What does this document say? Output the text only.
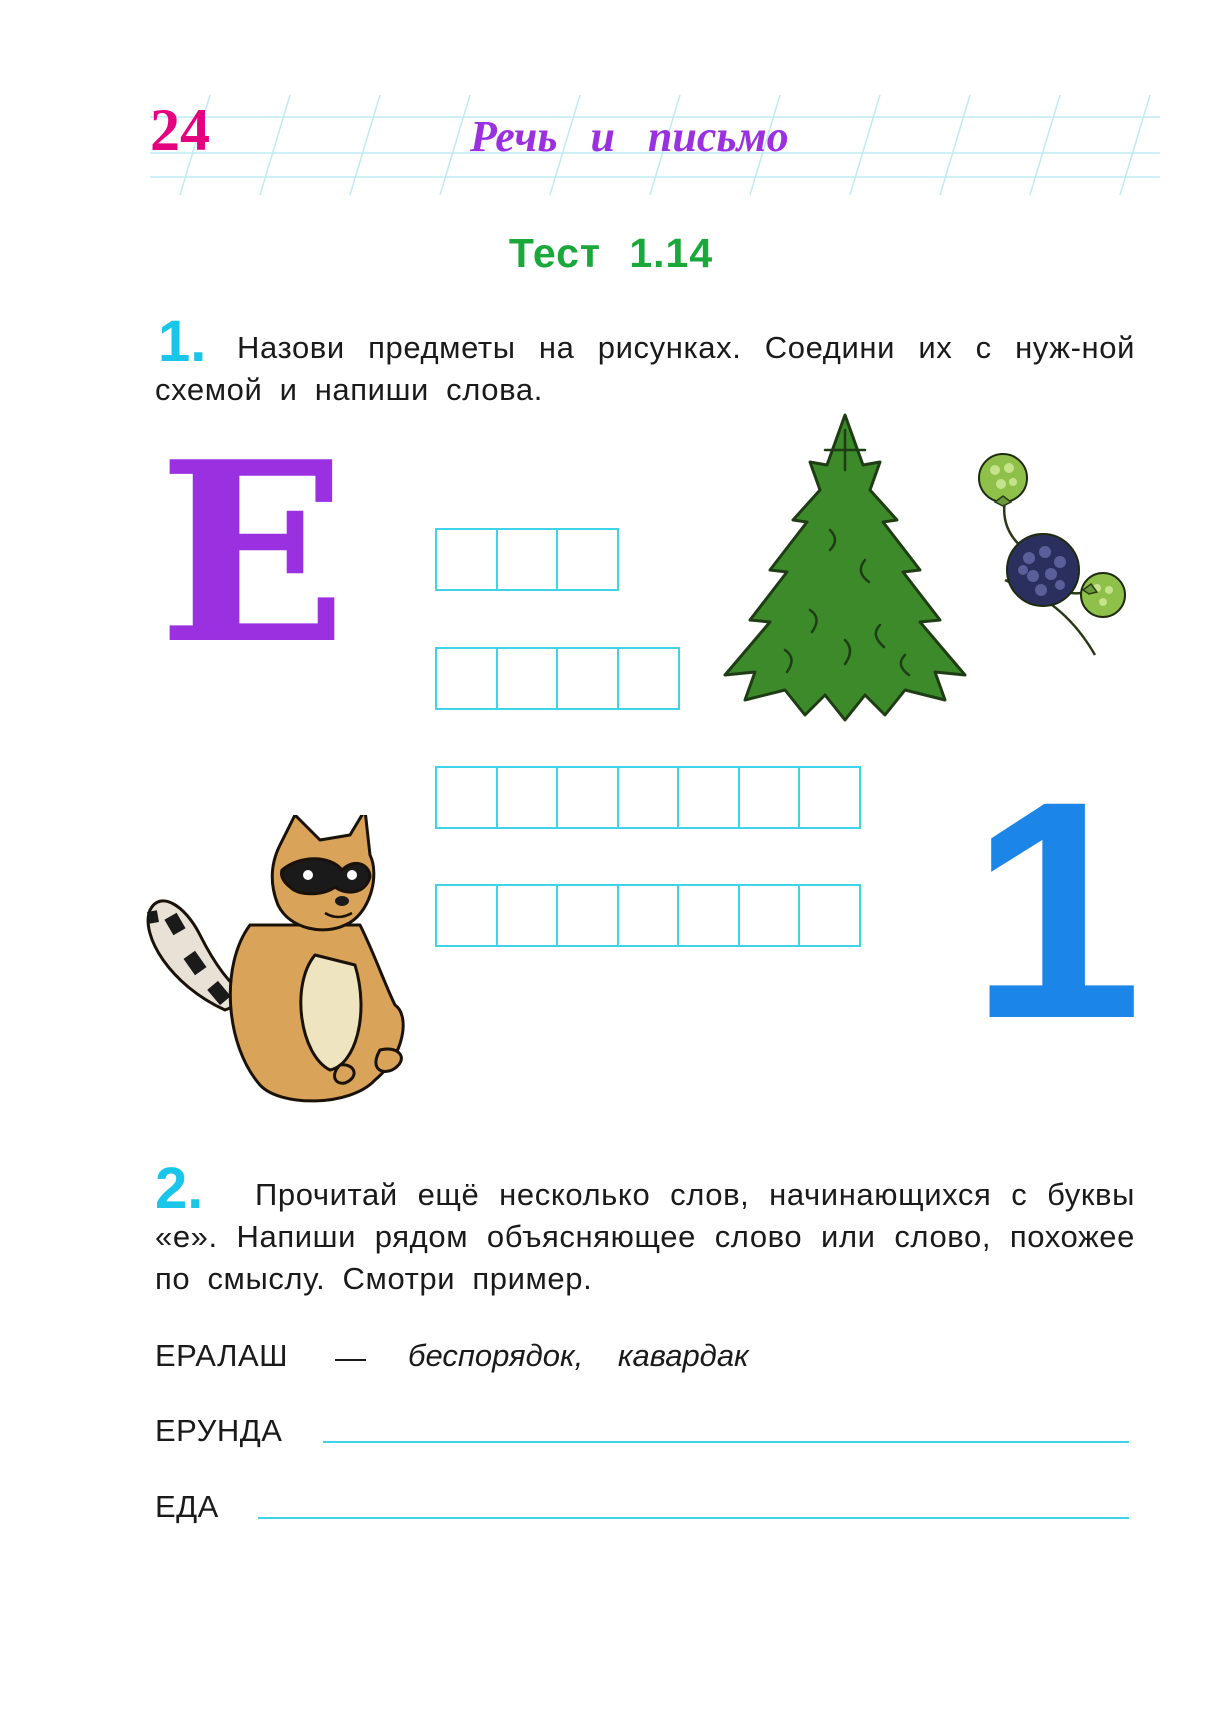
24	Речь и письмо
Тест 1.14
1. Назови предметы на рисунках. Соедини их с нуж-ной схемой и напиши слова.
Е
1
2.	Прочитай ещё несколько слов, начинающихся с буквы «е». Напиши рядом объясняющее слово или слово, похожее по смыслу. Смотри пример.
ЕРАЛАШ — беспорядок, кавардак
ЕРУНДА
ЕДА
